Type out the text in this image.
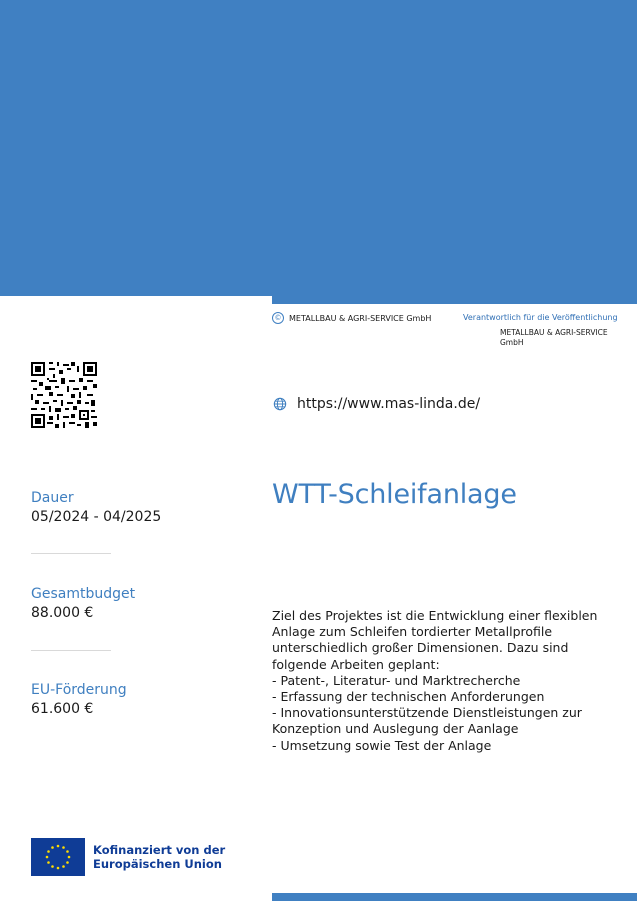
© METALLBAU & AGRI-SERVICE GmbH	Verantwortlich für die Veröffentlichung
METALLBAU & AGRI-SERVICE GmbH
https://www.mas-linda.de/
WTT-Schleifanlage
Dauer
05/2024 - 04/2025
Gesamtbudget
88.000 €
EU-Förderung
61.600 €
Ziel des Projektes ist die Entwicklung einer flexiblen
Anlage zum Schleifen tordierter Metallprofile
unterschiedlich großer Dimensionen. Dazu sind
folgende Arbeiten geplant:
- Patent-, Literatur- und Marktrecherche
- Erfassung der technischen Anforderungen
- Innovationsunterstützende Dienstleistungen zur
Konzeption und Auslegung der Aanlage
- Umsetzung sowie Test der Anlage
Kofinanziert von der
Europäischen Union
